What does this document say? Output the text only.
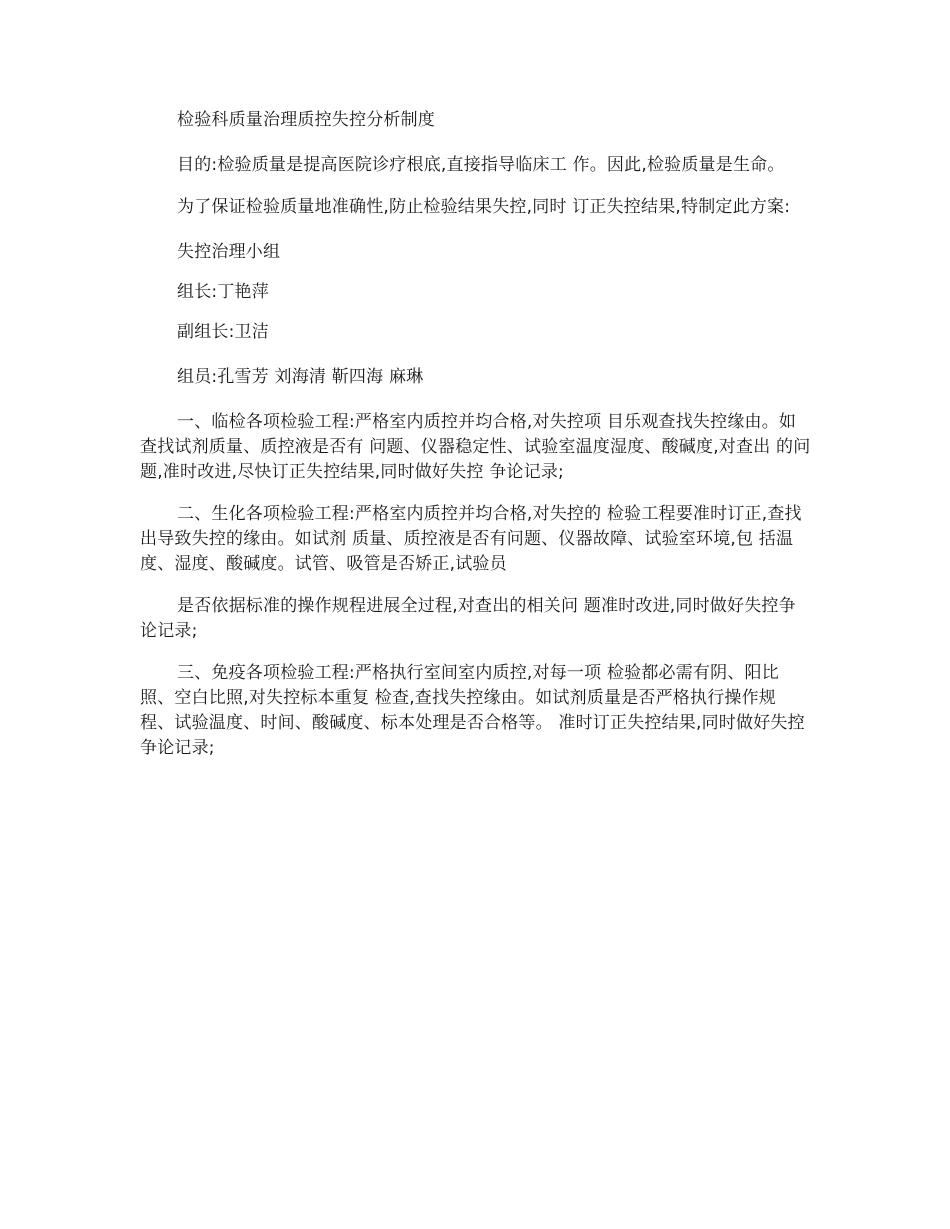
检验科质量治理质控失控分析制度

目的:检验质量是提高医院诊疗根底,直接指导临床工 作。因此,检验质量是生命。

为了保证检验质量地准确性,防止检验结果失控,同时 订正失控结果,特制定此方案:

失控治理小组

组长:丁艳萍

副组长:卫洁

组员:孔雪芳 刘海清 靳四海 麻琳

一、临检各项检验工程:严格室内质控并均合格,对失控项 目乐观查找失控缘由。如查找试剂质量、质控液是否有 问题、仪器稳定性、试验室温度湿度、酸碱度,对查出 的问题,准时改进,尽快订正失控结果,同时做好失控 争论记录;

二、生化各项检验工程:严格室内质控并均合格,对失控的 检验工程要准时订正,查找出导致失控的缘由。如试剂 质量、质控液是否有问题、仪器故障、试验室环境,包 括温度、湿度、酸碱度。试管、吸管是否矫正,试验员

是否依据标准的操作规程进展全过程,对查出的相关问 题准时改进,同时做好失控争论记录;

三、免疫各项检验工程:严格执行室间室内质控,对每一项 检验都必需有阴、阳比照、空白比照,对失控标本重复 检查,查找失控缘由。如试剂质量是否严格执行操作规 程、试验温度、时间、酸碱度、标本处理是否合格等。 准时订正失控结果,同时做好失控争论记录;
